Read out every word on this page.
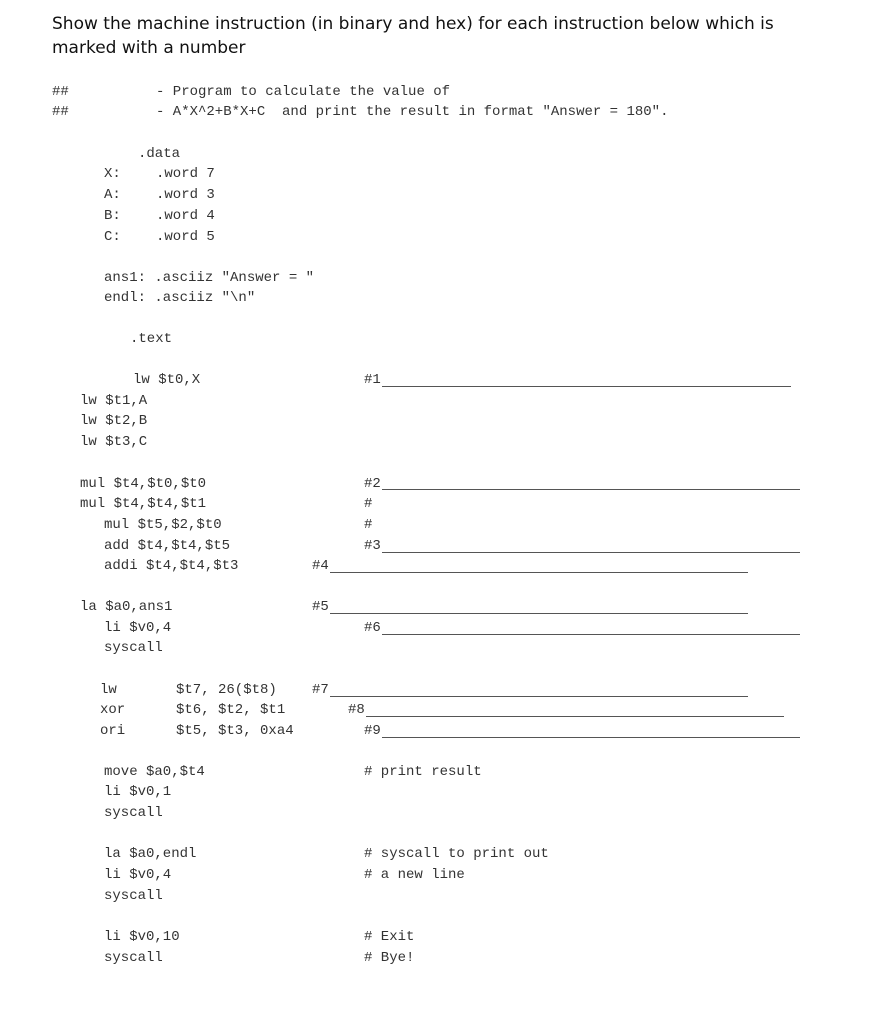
Show the machine instruction (in binary and hex) for each instruction below which is marked with a number

##	- Program to calculate the value of
##	- A*X^2+B*X+C  and print the result in format "Answer = 180".
.data
X:	.word 7
A:	.word 3
B:	.word 4
C:	.word 5
ans1: .asciiz "Answer = "
endl: .asciiz "\n"
.text
lw $t0,X	#1
lw $t1,A
lw $t2,B
lw $t3,C
mul $t4,$t0,$t0	#2
mul $t4,$t4,$t1	#
mul $t5,$2,$t0	#
add $t4,$t4,$t5	#3
addi $t4,$t4,$t3	#4
la $a0,ans1	#5
li $v0,4	#6
syscall
lw	$t7, 26($t8)	#7
xor	$t6, $t2, $t1	#8
ori	$t5, $t3, 0xa4	#9
move $a0,$t4	# print result
li $v0,1
syscall
la $a0,endl	# syscall to print out
li $v0,4	# a new line
syscall
li $v0,10	# Exit
syscall	# Bye!
